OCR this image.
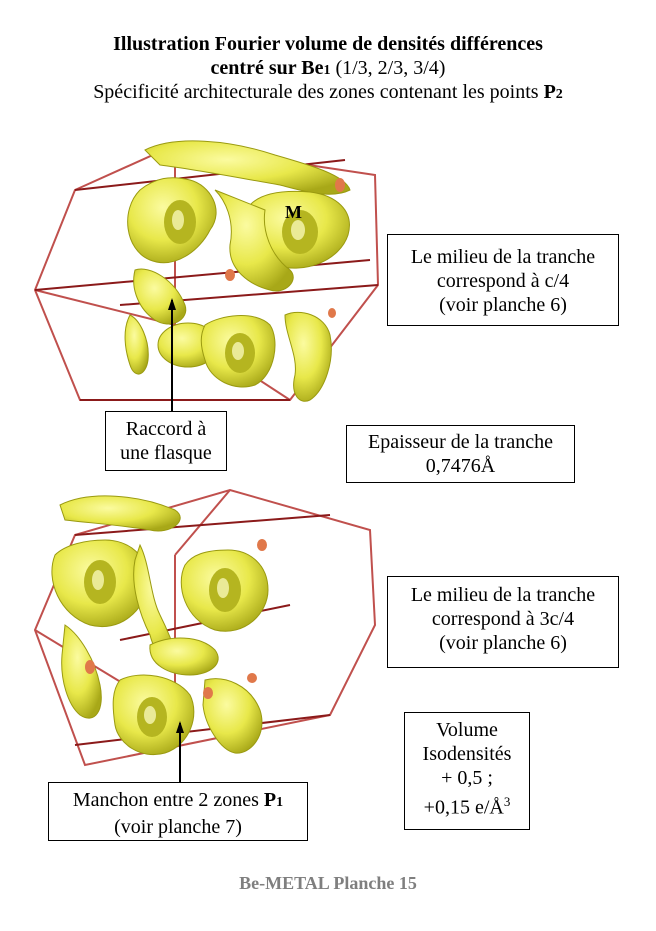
Illustration Fourier volume de densités différences
centré sur Be1 (1/3, 2/3, 3/4)
Spécificité architecturale des zones contenant les points P2
M
Le milieu de la tranche
correspond à c/4
(voir planche 6)
Raccord à
une flasque	Epaisseur de la tranche
0,7476Å
Le milieu de la tranche
correspond à 3c/4
(voir planche 6)
Volume
Isodensités
+ 0,5 ;
+0,15 $e/Å^3$
Manchon entre 2 zones P1
(voir planche 7)
Be-METAL Planche 15
